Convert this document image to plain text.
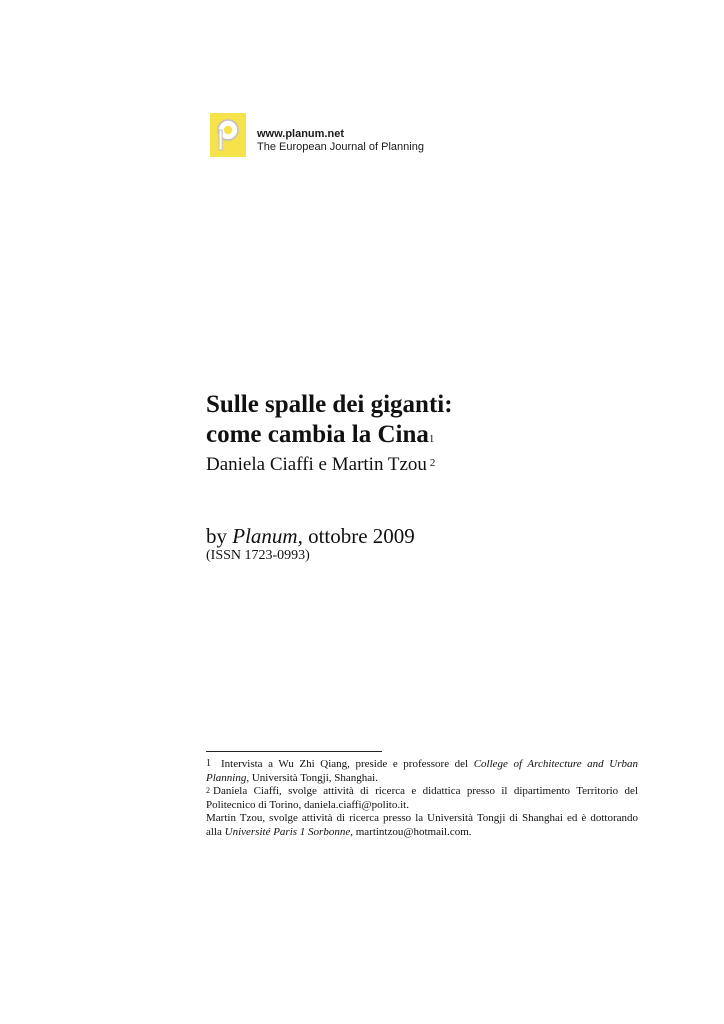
www.planum.net
The European Journal of Planning
Sulle spalle dei giganti:
come cambia la Cina$^1$
Daniela Ciaffi e Martin Tzou $^2$
by Planum, ottobre 2009
(ISSN 1723-0993)

1 Intervista a Wu Zhi Qiang, preside e professore del College of Architecture and Urban Planning, Università Tongji, Shanghai.

$^2$ Daniela Ciaffi, svolge attività di ricerca e didattica presso il dipartimento Territorio del Politecnico di Torino, daniela.ciaffi@polito.it.

Martin Tzou, svolge attività di ricerca presso la Università Tongji di Shanghai ed è dottorando alla Université Paris 1 Sorbonne, martintzou@hotmail.com.
